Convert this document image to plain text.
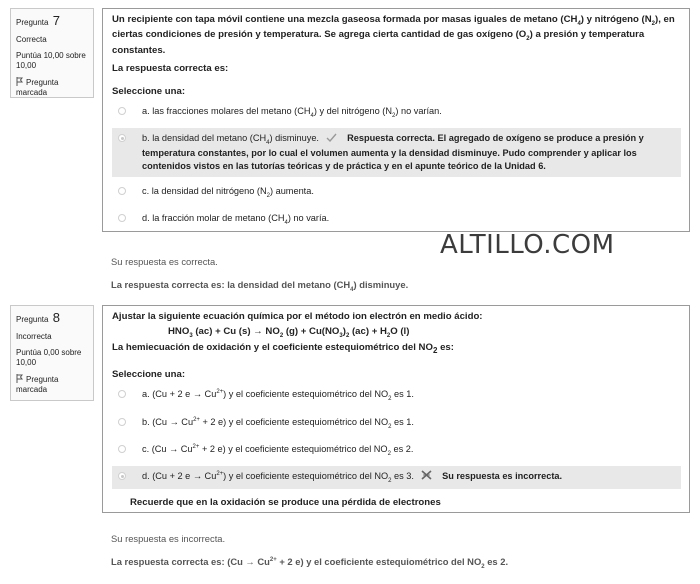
Pregunta 7
Correcta
Puntúa 10,00 sobre 10,00
Pregunta marcada
Un recipiente con tapa móvil contiene una mezcla gaseosa formada por masas iguales de metano $(CH_4)$ y nitrógeno $(N_2)$, en ciertas condiciones de presión y temperatura. Se agrega cierta cantidad de gas oxígeno $(O_2)$ a presión y temperatura constantes.
La respuesta correcta es:
Seleccione una:
a. las fracciones molares del metano $(CH_4)$ y del nitrógeno $(N_2)$ no varían.
b. la densidad del metano $(CH_4)$ disminuye.	Respuesta correcta. El agregado de oxígeno se produce a presión y temperatura constantes, por lo cual el volumen aumenta y la densidad disminuye. Pudo comprender y aplicar los contenidos vistos en las tutorías teóricas y de práctica y en el apunte teórico de la Unidad 6.
c. la densidad del nitrógeno $(N_2)$ aumenta.
d. la fracción molar de metano $(CH_4)$ no varía.
Su respuesta es correcta.
La respuesta correcta es: la densidad del metano $(CH_4)$ disminuye.
ALTILLO.COM
Pregunta 8
Incorrecta
Puntúa 0,00 sobre 10,00
Pregunta marcada
Ajustar la siguiente ecuación química por el método ion electrón en medio ácido:
$HNO_3$ (ac) + Cu $(s) \to NO_2$ $(g) + Cu(NO_3)_2$ $(ac) + H_2O$ (l)
La hemiecuación de oxidación y el coeficiente estequiométrico del $NO_2$ es:
Seleccione una:
a. (Cu + 2 $e \to Cu^{2+}$) y el coeficiente estequiométrico del $NO_2$ es 1.
b. ($Cu \to Cu^{2+} + 2$ e) y el coeficiente estequiométrico del $NO_2$ es 1.
c. ($Cu \to Cu^{2+} + 2$ e) y el coeficiente estequiométrico del $NO_2$ es 2.
d. (Cu + 2 $e \to Cu^{2+}$) y el coeficiente estequiométrico del $NO_2$ es 3.	Su respuesta es incorrecta.
Recuerde que en la oxidación se produce una pérdida de electrones
Su respuesta es incorrecta.
La respuesta correcta es: ($Cu \to Cu^{2+} + 2$ e) y el coeficiente estequiométrico del $NO_2$ es 2.
